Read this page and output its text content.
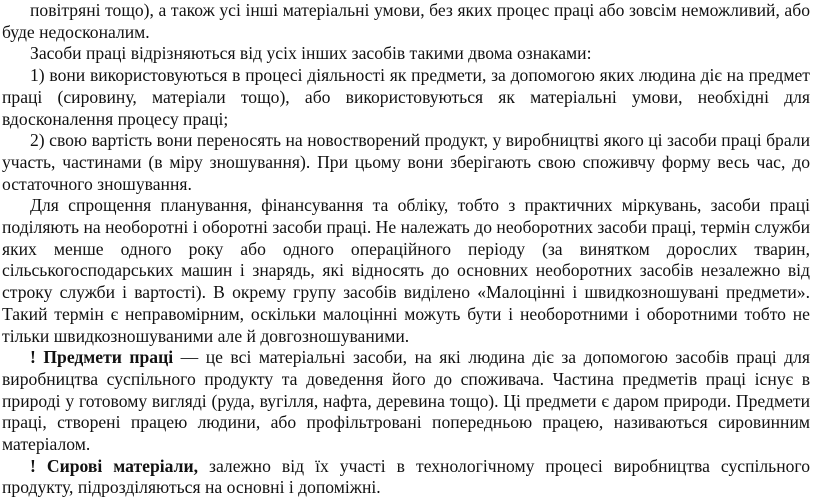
повітряні тощо), а також усі інші матеріальні умови, без яких процес праці або зовсім неможливий, або буде недосконалим.

Засоби праці відрізняються від усіх інших засобів такими двома ознаками:

1) вони використовуються в процесі діяльності як предмети, за допомогою яких людина діє на предмет праці (сировину, матеріали тощо), або використовуються як матеріальні умови, необхідні для вдосконалення процесу праці;

2) свою вартість вони переносять на новостворений продукт, у виробництві якого ці засоби праці брали участь, частинами (в міру зношування). При цьому вони зберігають свою споживчу форму весь час, до остаточного зношування.

Для спрощення планування, фінансування та обліку, тобто з практичних міркувань, засоби праці поділяють на необоротні і оборотні засоби праці. Не належать до необоротних засоби праці, термін служби яких менше одного року або одного операційного періоду (за винятком дорослих тварин, сільськогосподарських машин і знарядь, які відносять до основних необоротних засобів незалежно від строку служби і вартості). В окрему групу засобів виділено «Малоцінні і швидкозношувані предмети». Такий термін є неправомірним, оскільки малоцінні можуть бути і необоротними і оборотними тобто не тільки швидкозношуваними але й довгозношуваними.

! Предмети праці — це всі матеріальні засоби, на які людина діє за допомогою засобів праці для виробництва суспільного продукту та доведення його до споживача. Частина предметів праці існує в природі у готовому вигляді (руда, вугілля, нафта, деревина тощо). Ці предмети є даром природи. Предмети праці, створені працею людини, або профільтровані попередньою працею, називаються сировинним матеріалом.

! Сирові матеріали, залежно від їх участі в технологічному процесі виробництва суспільного продукту, підрозділяються на основні і допоміжні.
